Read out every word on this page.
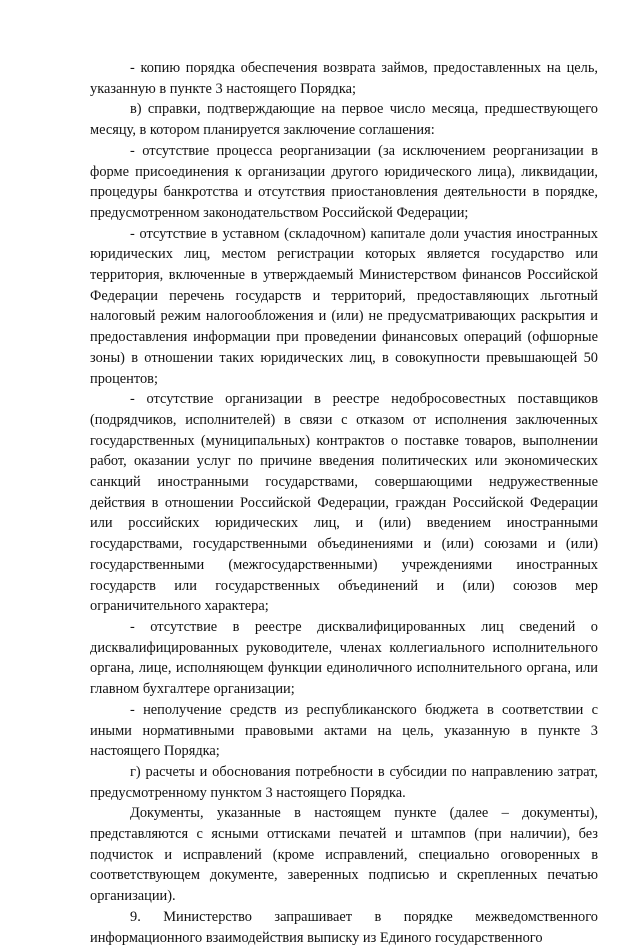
- копию порядка обеспечения возврата займов, предоставленных на цель, указанную в пункте 3 настоящего Порядка;

в) справки, подтверждающие на первое число месяца, предшествующего месяцу, в котором планируется заключение соглашения:

- отсутствие процесса реорганизации (за исключением реорганизации в форме присоединения к организации другого юридического лица), ликвидации, процедуры банкротства и отсутствия приостановления деятельности в порядке, предусмотренном законодательством Российской Федерации;

- отсутствие в уставном (складочном) капитале доли участия иностранных юридических лиц, местом регистрации которых является государство или территория, включенные в утверждаемый Министерством финансов Российской Федерации перечень государств и территорий, предоставляющих льготный налоговый режим налогообложения и (или) не предусматривающих раскрытия и предоставления информации при проведении финансовых операций (офшорные зоны) в отношении таких юридических лиц, в совокупности превышающей 50 процентов;

- отсутствие организации в реестре недобросовестных поставщиков (подрядчиков, исполнителей) в связи с отказом от исполнения заключенных государственных (муниципальных) контрактов о поставке товаров, выполнении работ, оказании услуг по причине введения политических или экономических санкций иностранными государствами, совершающими недружественные действия в отношении Российской Федерации, граждан Российской Федерации или российских юридических лиц, и (или) введением иностранными государствами, государственными объединениями и (или) союзами и (или) государственными (межгосударственными) учреждениями иностранных государств или государственных объединений и (или) союзов мер ограничительного характера;

- отсутствие в реестре дисквалифицированных лиц сведений о дисквалифицированных руководителе, членах коллегиального исполнительного органа, лице, исполняющем функции единоличного исполнительного органа, или главном бухгалтере организации;

- неполучение средств из республиканского бюджета в соответствии с иными нормативными правовыми актами на цель, указанную в пункте 3 настоящего Порядка;

г) расчеты и обоснования потребности в субсидии по направлению затрат, предусмотренному пунктом 3 настоящего Порядка.

Документы, указанные в настоящем пункте (далее – документы), представляются с ясными оттисками печатей и штампов (при наличии), без подчисток и исправлений (кроме исправлений, специально оговоренных в соответствующем документе, заверенных подписью и скрепленных печатью организации).

9. Министерство запрашивает в порядке межведомственного информационного взаимодействия выписку из Единого государственного
